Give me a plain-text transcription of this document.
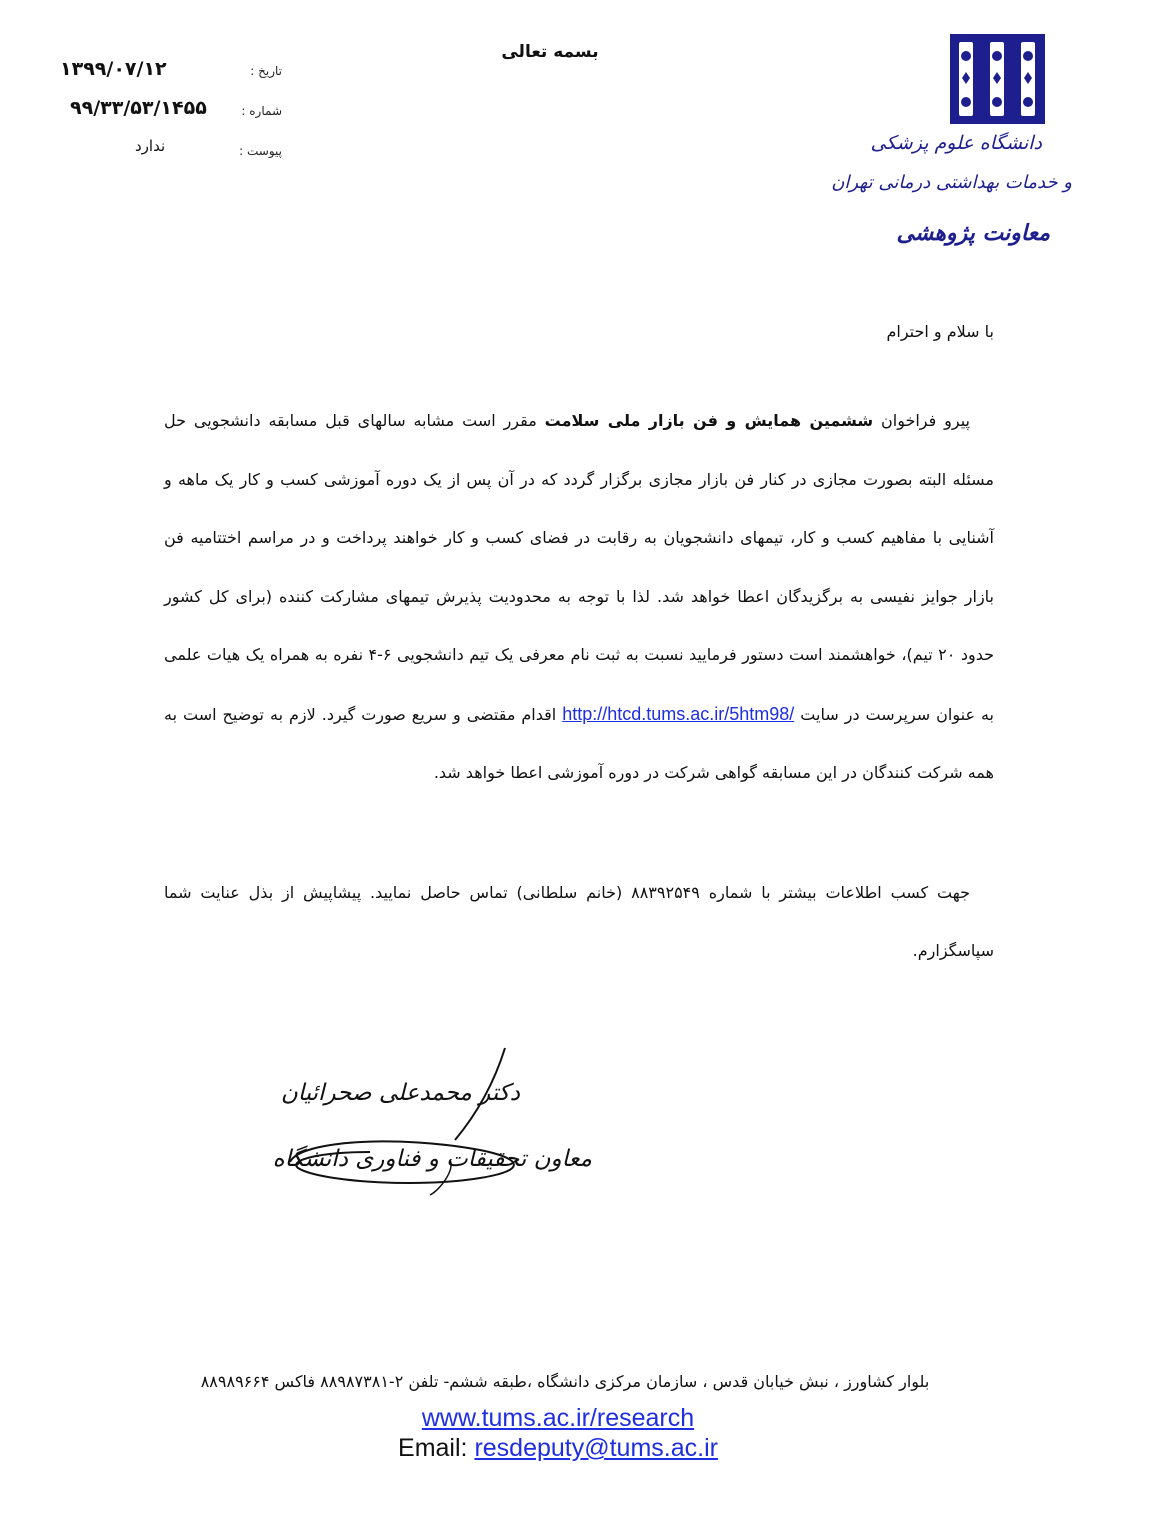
بسمه تعالی
تاریخ :
۱۳۹۹/۰۷/۱۲
شماره :
۹۹/۳۳/۵۳/۱۴۵۵
پیوست :
ندارد	دانشگاه علوم پزشکی
و خدمات بهداشتی درمانی تهران
معاونت پژوهشی
با سلام و احترام
پیرو فراخوان ششمین همایش و فن بازار ملی سلامت مقرر است مشابه سالهای قبل مسابقه دانشجویی حل مسئله البته بصورت مجازی در کنار فن بازار مجازی برگزار گردد که در آن پس از یک دوره آموزشی کسب و کار یک ماهه و آشنایی با مفاهیم کسب و کار، تیمهای دانشجویان به رقابت در فضای کسب و کار خواهند پرداخت و در مراسم اختتامیه فن بازار جوایز نفیسی به برگزیدگان اعطا خواهد شد. لذا با توجه به محدودیت پذیرش تیمهای مشارکت کننده (برای کل کشور حدود ۲۰ تیم)، خواهشمند است دستور فرمایید نسبت به ثبت نام معرفی یک تیم دانشجویی ۶-۴ نفره به همراه یک هیات علمی به عنوان سرپرست در سایت http://htcd.tums.ac.ir/5htm98/ اقدام مقتضی و سریع صورت گیرد. لازم به توضیح است به همه شرکت کنندگان در این مسابقه گواهی شرکت در دوره آموزشی اعطا خواهد شد.
جهت کسب اطلاعات بیشتر با شماره ۸۸۳۹۲۵۴۹ (خانم سلطانی) تماس حاصل نمایید. پیشاپیش از بذل عنایت شما سپاسگزارم.
دکتر محمدعلی صحرائیان
معاون تحقیقات و فناوری دانشگاه
بلوار کشاورز ، نبش خیابان قدس ، سازمان مرکزی دانشگاه ،طبقه ششم- تلفن ۲-۸۸۹۸۷۳۸۱ فاکس ۸۸۹۸۹۶۶۴
www.tums.ac.ir/research
Email: resdeputy@tums.ac.ir
